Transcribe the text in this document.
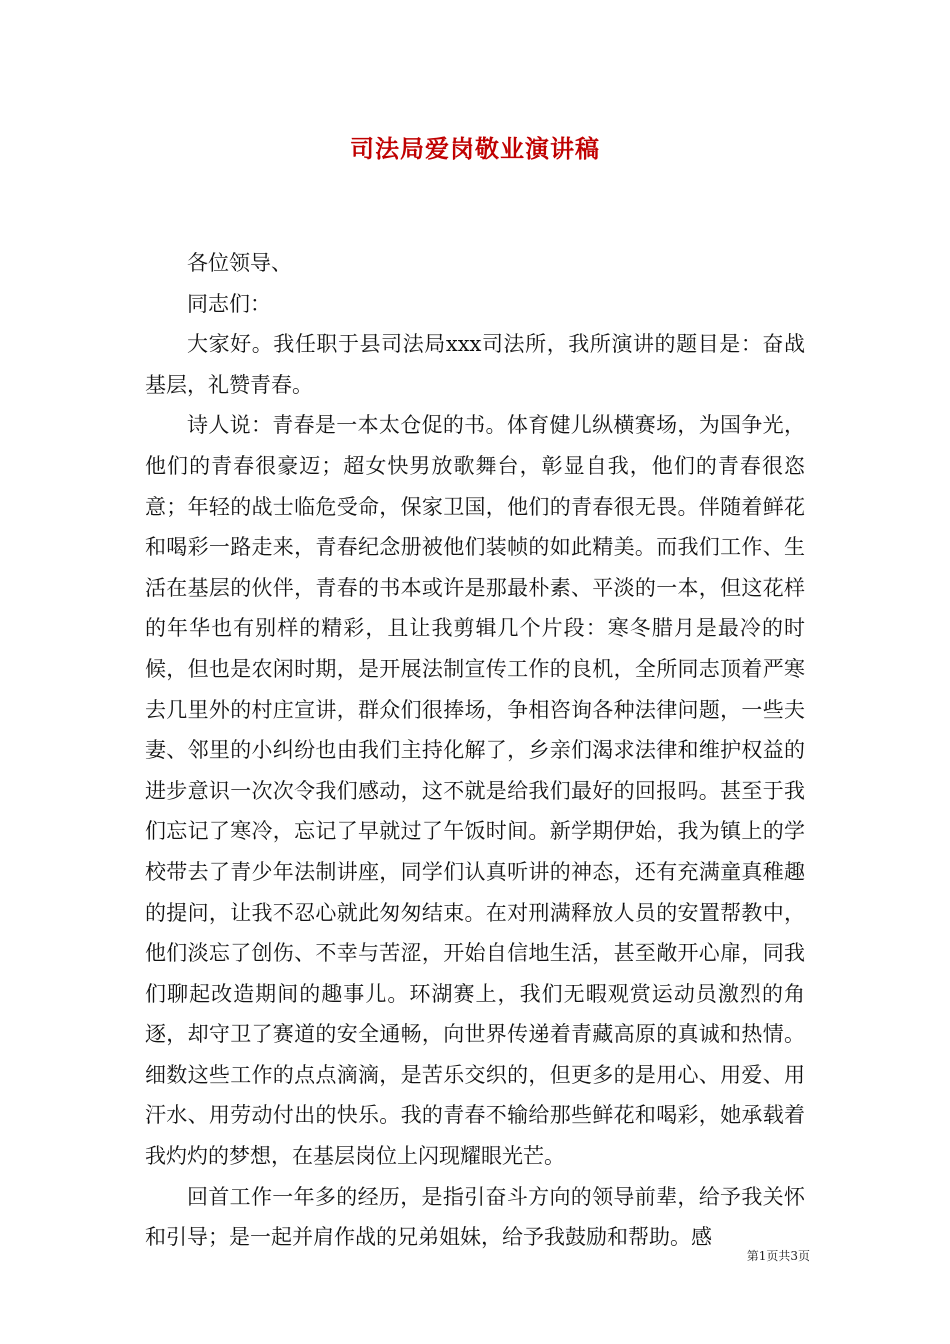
司法局爱岗敬业演讲稿

各位领导、

同志们：

大家好。我任职于县司法局xxx司法所，我所演讲的题目是：奋战基层，礼赞青春。

诗人说：青春是一本太仓促的书。体育健儿纵横赛场，为国争光，他们的青春很豪迈；超女快男放歌舞台，彰显自我，他们的青春很恣意；年轻的战士临危受命，保家卫国，他们的青春很无畏。伴随着鲜花和喝彩一路走来，青春纪念册被他们装帧的如此精美。而我们工作、生活在基层的伙伴，青春的书本或许是那最朴素、平淡的一本，但这花样的年华也有别样的精彩，且让我剪辑几个片段：寒冬腊月是最冷的时候，但也是农闲时期，是开展法制宣传工作的良机，全所同志顶着严寒去几里外的村庄宣讲，群众们很捧场，争相咨询各种法律问题，一些夫妻、邻里的小纠纷也由我们主持化解了，乡亲们渴求法律和维护权益的进步意识一次次令我们感动，这不就是给我们最好的回报吗。甚至于我们忘记了寒冷，忘记了早就过了午饭时间。新学期伊始，我为镇上的学校带去了青少年法制讲座，同学们认真听讲的神态，还有充满童真稚趣的提问，让我不忍心就此匆匆结束。在对刑满释放人员的安置帮教中，他们淡忘了创伤、不幸与苦涩，开始自信地生活，甚至敞开心扉，同我们聊起改造期间的趣事儿。环湖赛上，我们无暇观赏运动员激烈的角逐，却守卫了赛道的安全通畅，向世界传递着青藏高原的真诚和热情。细数这些工作的点点滴滴，是苦乐交织的，但更多的是用心、用爱、用汗水、用劳动付出的快乐。我的青春不输给那些鲜花和喝彩，她承载着我灼灼的梦想，在基层岗位上闪现耀眼光芒。

回首工作一年多的经历，是指引奋斗方向的领导前辈，给予我关怀和引导；是一起并肩作战的兄弟姐妹，给予我鼓励和帮助。感

第1页共3页
